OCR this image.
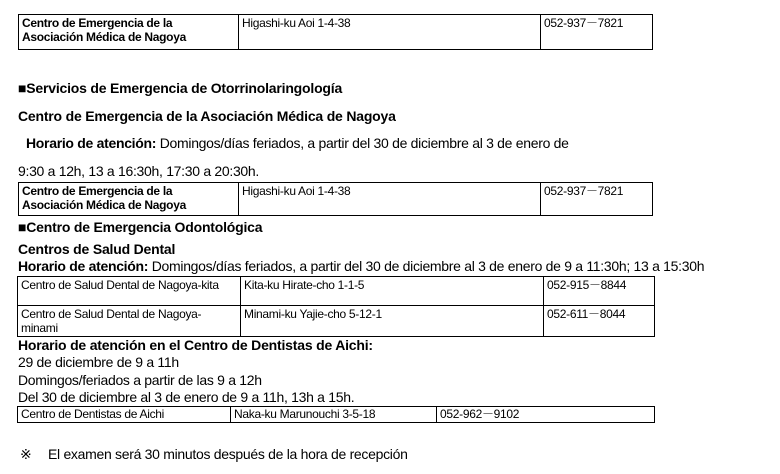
Centro de Emergencia de la Asociación Médica de Nagoya	Higashi-ku Aoi 1-4-38	052-937－7821
■Servicios de Emergencia de Otorrinolaringología
Centro de Emergencia de la Asociación Médica de Nagoya
Horario de atención: Domingos/días feriados, a partir del 30 de diciembre al 3 de enero de
9:30 a 12h, 13 a 16:30h, 17:30 a 20:30h.
Centro de Emergencia de la Asociación Médica de Nagoya	Higashi-ku Aoi 1-4-38	052-937－7821
■Centro de Emergencia Odontológica
Centros de Salud Dental
Horario de atención: Domingos/días feriados, a partir del 30 de diciembre al 3 de enero de 9 a 11:30h; 13 a 15:30h
Centro de Salud Dental de Nagoya-kita	Kita-ku Hirate-cho 1-1-5	052-915－8844
Centro de Salud Dental de Nagoya-minami	Minami-ku Yajie-cho 5-12-1	052-611－8044
Horario de atención en el Centro de Dentistas de Aichi:
29 de diciembre de 9 a 11h
Domingos/feriados a partir de las 9 a 12h
Del 30 de diciembre al 3 de enero de 9 a 11h, 13h a 15h.
Centro de Dentistas de Aichi	Naka-ku Marunouchi 3-5-18	052-962－9102
※ El examen será 30 minutos después de la hora de recepción
